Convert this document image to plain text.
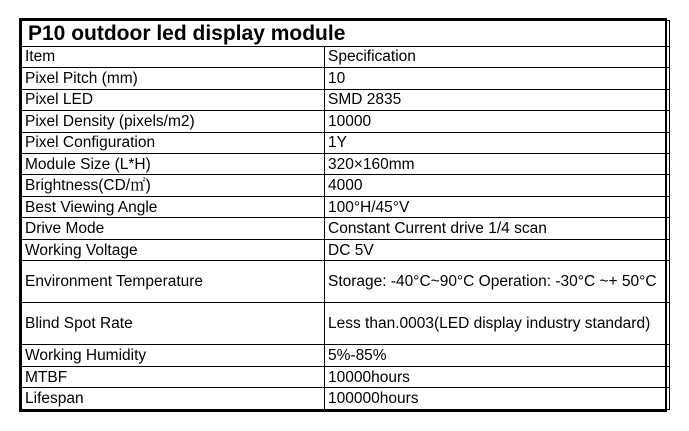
P10 outdoor led display module	
Item	Specification
Pixel Pitch (mm)	10
Pixel LED	SMD 2835
Pixel Density (pixels/m2)	10000
Pixel Configuration	1Y
Module Size (L*H)	320×160mm
Brightness(CD/㎡)	4000
Best Viewing Angle	100°H/45°V
Drive Mode	Constant Current drive 1/4 scan
Working Voltage	DC 5V
Environment Temperature	Storage: -40°C~90°C Operation: -30°C ~+ 50°C
Blind Spot Rate	Less than.0003(LED display industry standard)
Working Humidity	5%-85%
MTBF	10000hours
Lifespan	100000hours
